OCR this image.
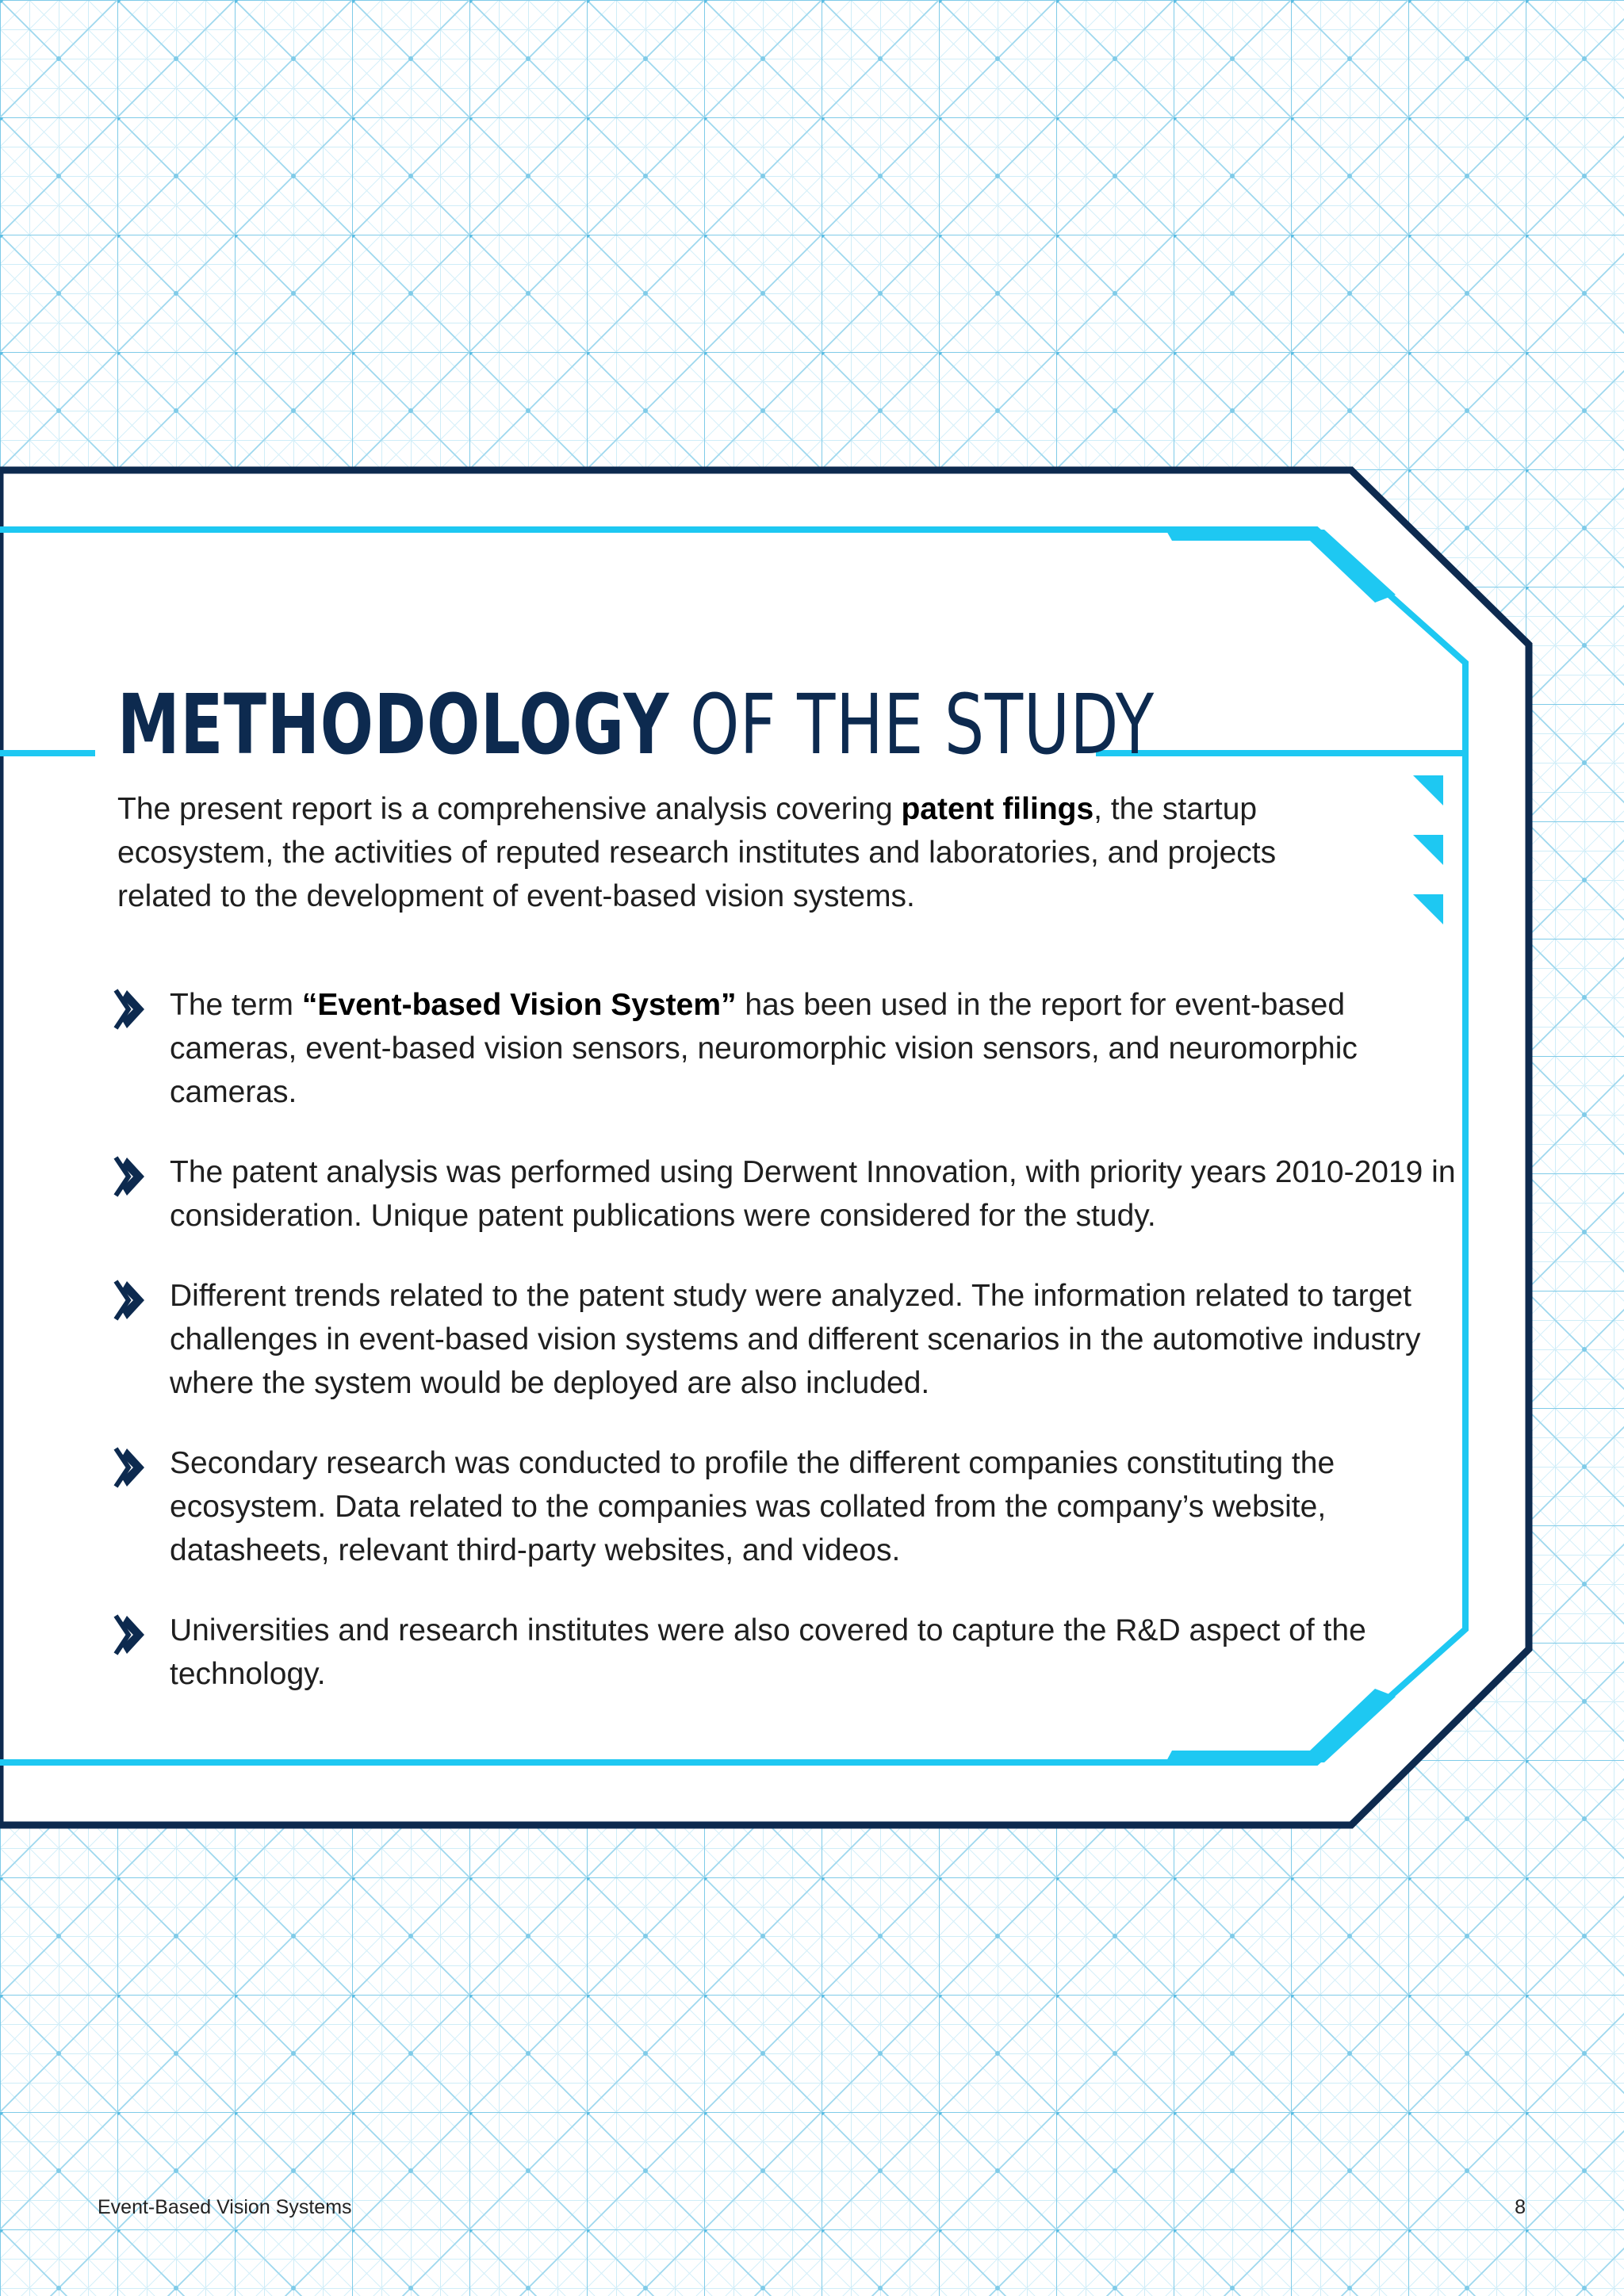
METHODOLOGY OF THE STUDY

The present report is a comprehensive analysis covering patent filings, the startup ecosystem, the activities of reputed research institutes and laboratories, and projects related to the development of event-based vision systems.

The term “Event-based Vision System” has been used in the report for event-based cameras, event-based vision sensors, neuromorphic vision sensors, and neuromorphic cameras.
The patent analysis was performed using Derwent Innovation, with priority years 2010-2019 in consideration. Unique patent publications were considered for the study.
Different trends related to the patent study were analyzed. The information related to target challenges in event-based vision systems and different scenarios in the automotive industry where the system would be deployed are also included.
Secondary research was conducted to profile the different companies constituting the ecosystem. Data related to the companies was collated from the company’s website, datasheets, relevant third-party websites, and videos.
Universities and research institutes were also covered to capture the R&D aspect of the technology.

Event-Based Vision Systems	8
